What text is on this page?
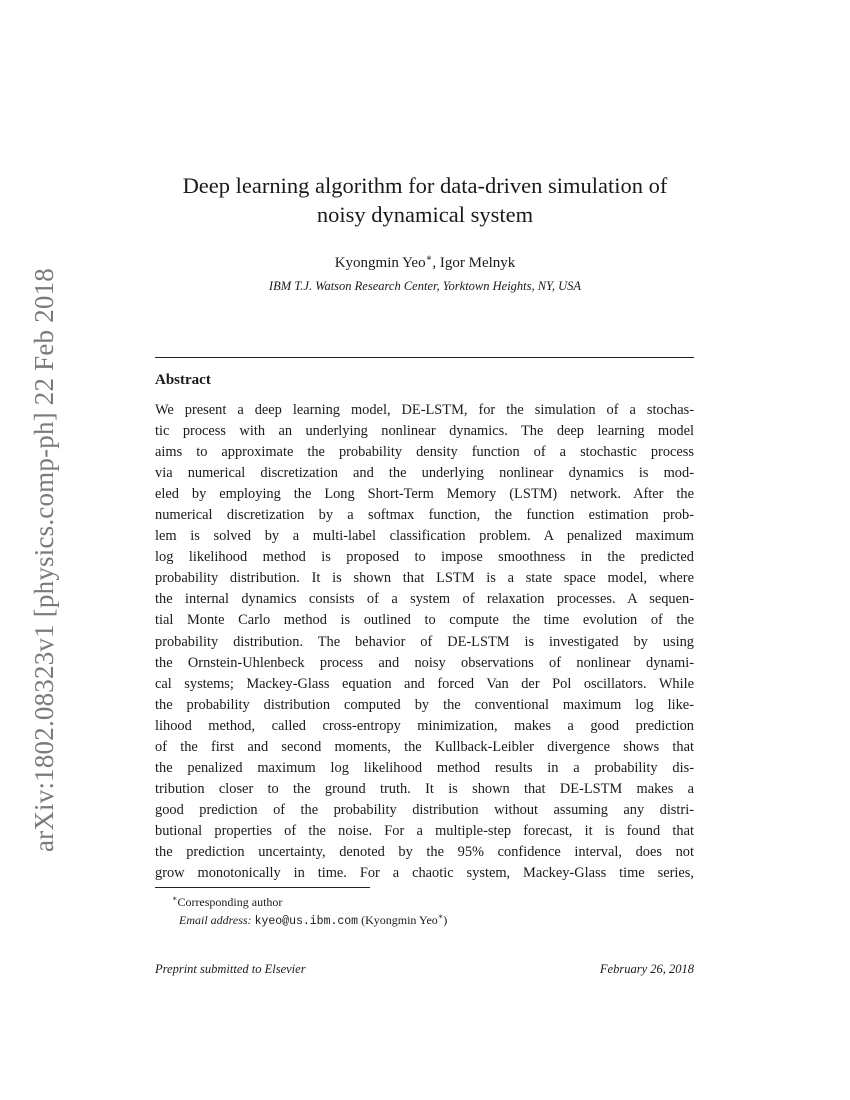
arXiv:1802.08323v1 [physics.comp-ph] 22 Feb 2018
Deep learning algorithm for data-driven simulation of
noisy dynamical system
Kyongmin Yeo∗, Igor Melnyk
IBM T.J. Watson Research Center, Yorktown Heights, NY, USA
Abstract
We present a deep learning model, DE-LSTM, for the simulation of a stochas-
tic process with an underlying nonlinear dynamics. The deep learning model
aims to approximate the probability density function of a stochastic process
via numerical discretization and the underlying nonlinear dynamics is mod-
eled by employing the Long Short-Term Memory (LSTM) network. After the
numerical discretization by a softmax function, the function estimation prob-
lem is solved by a multi-label classification problem. A penalized maximum
log likelihood method is proposed to impose smoothness in the predicted
probability distribution. It is shown that LSTM is a state space model, where
the internal dynamics consists of a system of relaxation processes. A sequen-
tial Monte Carlo method is outlined to compute the time evolution of the
probability distribution. The behavior of DE-LSTM is investigated by using
the Ornstein-Uhlenbeck process and noisy observations of nonlinear dynami-
cal systems; Mackey-Glass equation and forced Van der Pol oscillators. While
the probability distribution computed by the conventional maximum log like-
lihood method, called cross-entropy minimization, makes a good prediction
of the first and second moments, the Kullback-Leibler divergence shows that
the penalized maximum log likelihood method results in a probability dis-
tribution closer to the ground truth. It is shown that DE-LSTM makes a
good prediction of the probability distribution without assuming any distri-
butional properties of the noise. For a multiple-step forecast, it is found that
the prediction uncertainty, denoted by the 95% confidence interval, does not
grow monotonically in time. For a chaotic system, Mackey-Glass time series,
∗Corresponding author
Email address: kyeo@us.ibm.com (Kyongmin Yeo∗)
Preprint submitted to Elsevier	February 26, 2018
